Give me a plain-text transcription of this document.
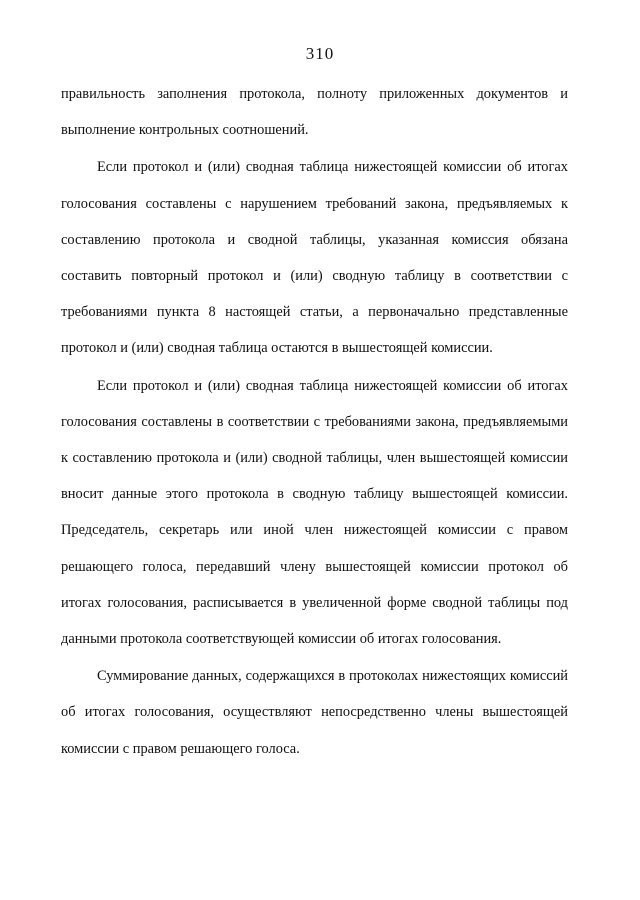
310

правильность заполнения протокола, полноту приложенных документов и выполнение контрольных соотношений.

Если протокол и (или) сводная таблица нижестоящей комиссии об итогах голосования составлены с нарушением требований закона, предъявляемых к составлению протокола и сводной таблицы, указанная комиссия обязана составить повторный протокол и (или) сводную таблицу в соответствии с требованиями пункта 8 настоящей статьи, а первоначально представленные протокол и (или) сводная таблица остаются в вышестоящей комиссии.

Если протокол и (или) сводная таблица нижестоящей комиссии об итогах голосования составлены в соответствии с требованиями закона, предъявляемыми к составлению протокола и (или) сводной таблицы, член вышестоящей комиссии вносит данные этого протокола в сводную таблицу вышестоящей комиссии. Председатель, секретарь или иной член нижестоящей комиссии с правом решающего голоса, передавший члену вышестоящей комиссии протокол об итогах голосования, расписывается в увеличенной форме сводной таблицы под данными протокола соответствующей комиссии об итогах голосования.

Суммирование данных, содержащихся в протоколах нижестоящих комиссий об итогах голосования, осуществляют непосредственно члены вышестоящей комиссии с правом решающего голоса.
